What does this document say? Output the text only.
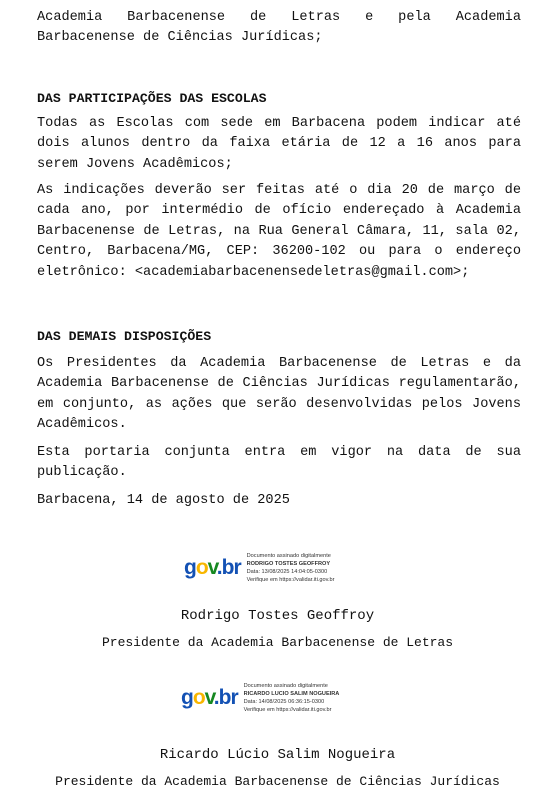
Academia Barbacenense de Letras e pela Academia Barbacenense de Ciências Jurídicas;

DAS PARTICIPAÇÕES DAS ESCOLAS

Todas as Escolas com sede em Barbacena podem indicar até dois alunos dentro da faixa etária de 12 a 16 anos para serem Jovens Acadêmicos;

As indicações deverão ser feitas até o dia 20 de março de cada ano, por intermédio de ofício endereçado à Academia Barbacenense de Letras, na Rua General Câmara, 11, sala 02, Centro, Barbacena/MG, CEP: 36200-102 ou para o endereço eletrônico: <academiabarbacenensedeletras@gmail.com>;

DAS DEMAIS DISPOSIÇÕES

Os Presidentes da Academia Barbacenense de Letras e da Academia Barbacenense de Ciências Jurídicas regulamentarão, em conjunto, as ações que serão desenvolvidas pelos Jovens Acadêmicos.

Esta portaria conjunta entra em vigor na data de sua publicação.

Barbacena, 14 de agosto de 2025

gov.br Documento assinado digitalmente
RODRIGO TOSTES GEOFFROY
Data: 13/08/2025 14:04:05-0300
Verifique em https://validar.iti.gov.br
Rodrigo Tostes Geoffroy
Presidente da Academia Barbacenense de Letras
gov.br Documento assinado digitalmente
RICARDO LUCIO SALIM NOGUEIRA
Data: 14/08/2025 06:36:15-0300
Verifique em https://validar.iti.gov.br
Ricardo Lúcio Salim Nogueira
Presidente da Academia Barbacenense de Ciências Jurídicas
